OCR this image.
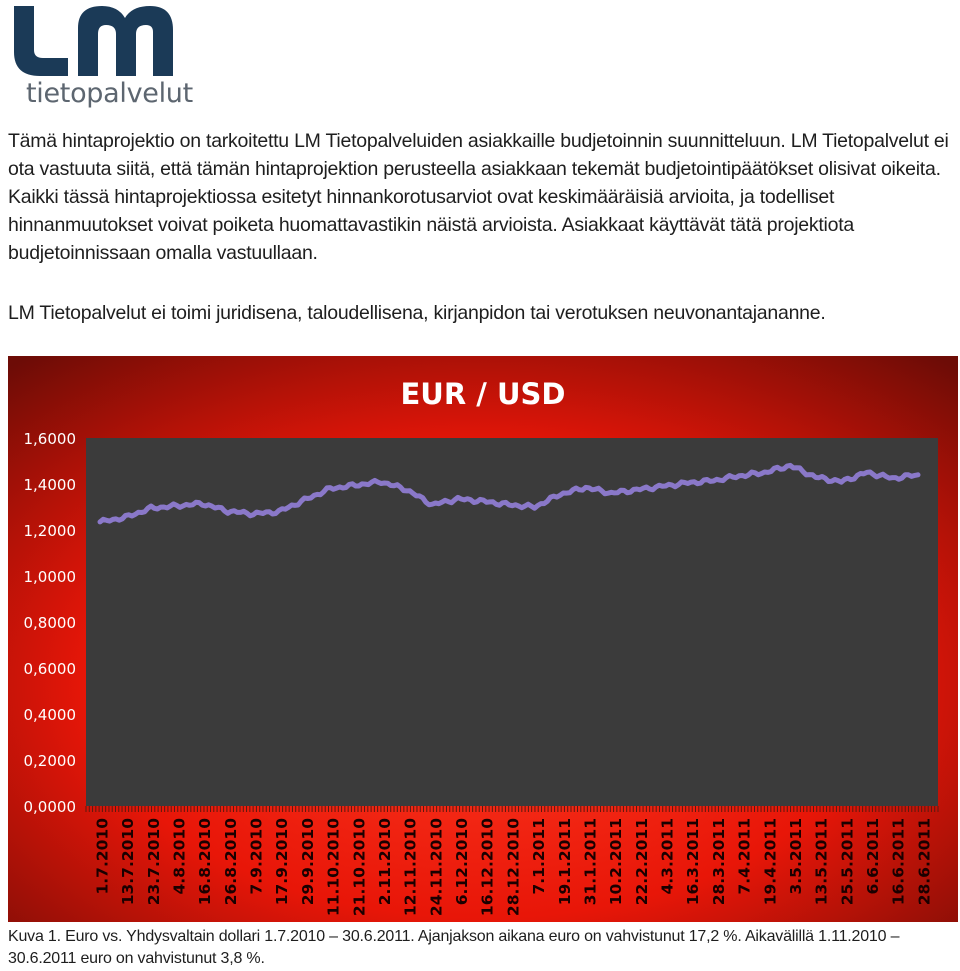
tietopalvelut

Tämä hintaprojektio on tarkoitettu LM Tietopalveluiden asiakkaille budjetoinnin suunnitteluun. LM Tietopalvelut ei ota vastuuta siitä, että tämän hintaprojektion perusteella asiakkaan tekemät budjetointipäätökset olisivat oikeita. Kaikki tässä hintaprojektiossa esitetyt hinnankorotusarviot ovat keskimääräisiä arvioita, ja todelliset hinnanmuutokset voivat poiketa huomattavastikin näistä arvioista. Asiakkaat käyttävät tätä projektiota budjetoinnissaan omalla vastuullaan.

LM Tietopalvelut ei toimi juridisena, taloudellisena, kirjanpidon tai verotuksen neuvonantajananne.

EUR / USD
0,0000
0,2000
0,4000
0,6000
0,8000
1,0000
1,2000
1,4000
1,6000
1.7.2010 13.7.2010 23.7.2010 4.8.2010 16.8.2010 26.8.2010 7.9.2010 17.9.2010 29.9.2010 11.10.2010 21.10.2010 2.11.2010 12.11.2010 24.11.2010 6.12.2010 16.12.2010 28.12.2010 7.1.2011 19.1.2011 31.1.2011 10.2.2011 22.2.2011 4.3.2011 16.3.2011 28.3.2011 7.4.2011 19.4.2011 3.5.2011 13.5.2011 25.5.2011 6.6.2011 16.6.2011 28.6.2011
Kuva 1. Euro vs. Yhdysvaltain dollari 1.7.2010 – 30.6.2011. Ajanjakson aikana euro on vahvistunut 17,2 %. Aikavälillä 1.11.2010 – 30.6.2011 euro on vahvistunut 3,8 %.
